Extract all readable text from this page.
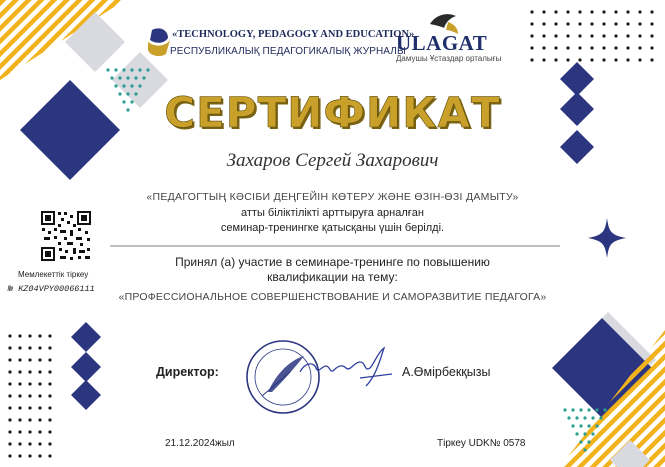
«TECHNOLOGY, PEDAGOGY AND EDUCATION»
РЕСПУБЛИКАЛЫҚ ПЕДАГОГИКАЛЫҚ ЖУРНАЛЫ
ULAGAT
Дамушы Ұстаздар орталығы
СЕРТИФИКАТ
Захаров Сергей Захарович
«ПЕДАГОГТЫҢ КӘСІБИ ДЕҢГЕЙІН КӨТЕРУ ЖӘНЕ ӨЗІН-ӨЗІ ДАМЫТУ»
атты біліктілікті арттыруға арналған
семинар-тренингке қатысқаны үшін берілді.
Принял (а) участие в семинаре-тренинге по повышению
квалификации на тему:
«ПРОФЕССИОНАЛЬНОЕ СОВЕРШЕНСТВОВАНИЕ И САМОРАЗВИТИЕ ПЕДАГОГА»
Мемлекеттік тіркеу
№ KZ04VPY00066111
Директор:	А.Өмірбекқызы
21.12.2024жыл	Тіркеу UDK№ 0578
